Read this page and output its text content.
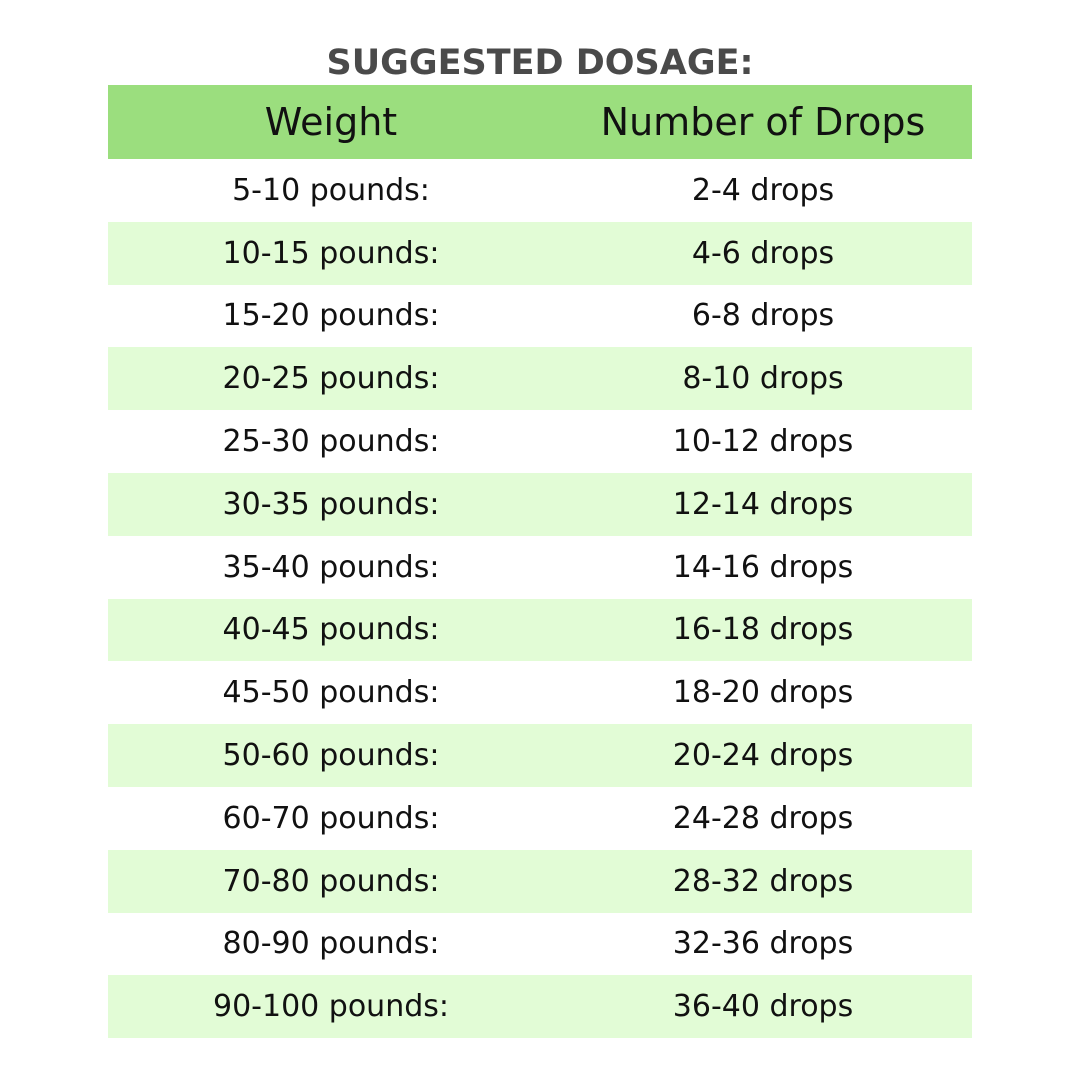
SUGGESTED DOSAGE:
Weight	Number of Drops
5-10 pounds:	2-4 drops
10-15 pounds:	4-6 drops
15-20 pounds:	6-8 drops
20-25 pounds:	8-10 drops
25-30 pounds:	10-12 drops
30-35 pounds:	12-14 drops
35-40 pounds:	14-16 drops
40-45 pounds:	16-18 drops
45-50 pounds:	18-20 drops
50-60 pounds:	20-24 drops
60-70 pounds:	24-28 drops
70-80 pounds:	28-32 drops
80-90 pounds:	32-36 drops
90-100 pounds:	36-40 drops
